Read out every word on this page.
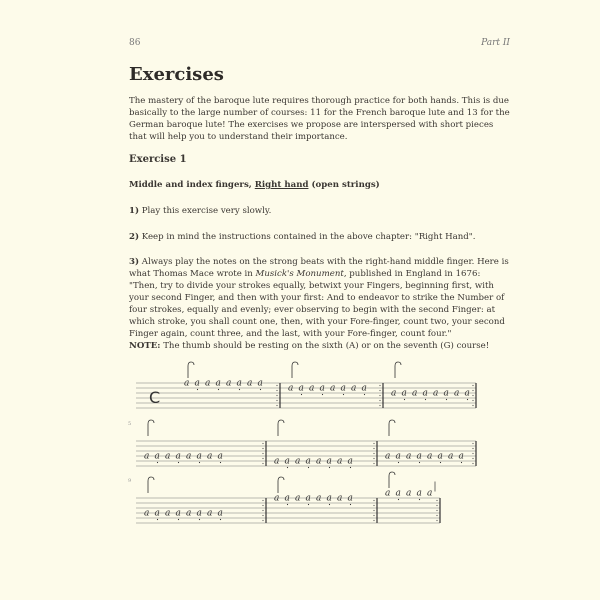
86	Part II
Exercises

The mastery of the baroque lute requires thorough practice for both hands. This is due basically to the large number of courses: 11 for the French baroque lute and 13 for the German baroque lute! The exercises we propose are interspersed with short pieces that will help you to understand their importance.

Exercise 1
Middle and index fingers, Right hand (open strings)

1) Play this exercise very slowly.

2) Keep in mind the instructions contained in the above chapter: "Right Hand".

3) Always play the notes on the strong beats with the right-hand middle finger. Here is what Thomas Mace wrote in Musick's Monument, published in England in 1676:
"Then, try to divide your strokes equally, betwixt your Fingers, beginning first, with your second Finger, and then with your first: And to endeavor to strike the Number of four strokes, equally and evenly; ever observing to begin with the second Finger: at which stroke, you shall count one, then, with your Fore-finger, count two, your second Finger again, count three, and the last, with your Fore-finger, count four."

NOTE: The thumb should be resting on the sixth (A) or on the seventh (G) course!

C
a a a a a a a a	a a a a a a a a	a a a a a a a a
5
a a a a a a a a	a a a a a a a a	a a a a a a a a
9
a a a a a a a a
a a a a a a a a	a a a a a
